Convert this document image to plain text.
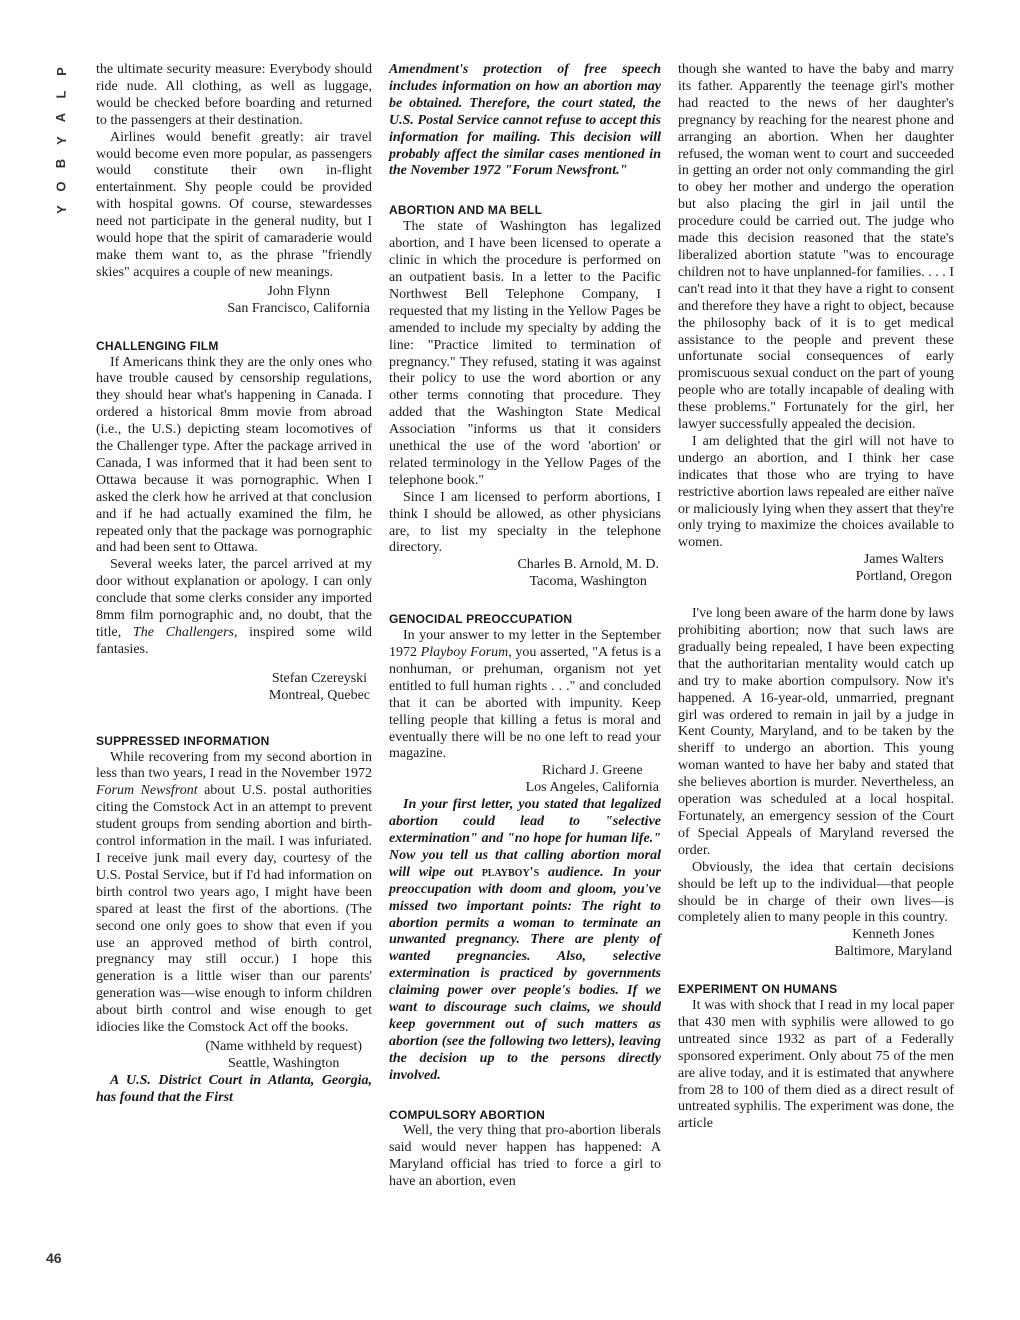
P
L
A
Y
B
O
Y
46

the ultimate security measure: Everybody should ride nude. All clothing, as well as luggage, would be checked before boarding and returned to the passengers at their destination.

Airlines would benefit greatly: air travel would become even more popular, as passengers would constitute their own in-flight entertainment. Shy people could be provided with hospital gowns. Of course, stewardesses need not participate in the general nudity, but I would hope that the spirit of camaraderie would make them want to, as the phrase "friendly skies" acquires a couple of new meanings.

John Flynn
San Francisco, California
CHALLENGING FILM

If Americans think they are the only ones who have trouble caused by censorship regulations, they should hear what's happening in Canada. I ordered a historical 8mm movie from abroad (i.e., the U.S.) depicting steam locomotives of the Challenger type. After the package arrived in Canada, I was informed that it had been sent to Ottawa because it was pornographic. When I asked the clerk how he arrived at that conclusion and if he had actually examined the film, he repeated only that the package was pornographic and had been sent to Ottawa.

Several weeks later, the parcel arrived at my door without explanation or apology. I can only conclude that some clerks consider any imported 8mm film pornographic and, no doubt, that the title, The Challengers, inspired some wild fantasies.

Stefan Czereyski
Montreal, Quebec
SUPPRESSED INFORMATION

While recovering from my second abortion in less than two years, I read in the November 1972 Forum Newsfront about U.S. postal authorities citing the Comstock Act in an attempt to prevent student groups from sending abortion and birth-control information in the mail. I was infuriated. I receive junk mail every day, courtesy of the U.S. Postal Service, but if I'd had information on birth control two years ago, I might have been spared at least the first of the abortions. (The second one only goes to show that even if you use an approved method of birth control, pregnancy may still occur.) I hope this generation is a little wiser than our parents' generation was—wise enough to inform children about birth control and wise enough to get idiocies like the Comstock Act off the books.

(Name withheld by request)
Seattle, Washington

A U.S. District Court in Atlanta, Georgia, has found that the First

Amendment's protection of free speech includes information on how an abortion may be obtained. Therefore, the court stated, the U.S. Postal Service cannot refuse to accept this information for mailing. This decision will probably affect the similar cases mentioned in the November 1972 "Forum Newsfront."

ABORTION AND MA BELL

The state of Washington has legalized abortion, and I have been licensed to operate a clinic in which the procedure is performed on an outpatient basis. In a letter to the Pacific Northwest Bell Telephone Company, I requested that my listing in the Yellow Pages be amended to include my specialty by adding the line: "Practice limited to termination of pregnancy." They refused, stating it was against their policy to use the word abortion or any other terms connoting that procedure. They added that the Washington State Medical Association "informs us that it considers unethical the use of the word 'abortion' or related terminology in the Yellow Pages of the telephone book."

Since I am licensed to perform abortions, I think I should be allowed, as other physicians are, to list my specialty in the telephone directory.

Charles B. Arnold, M. D.
Tacoma, Washington
GENOCIDAL PREOCCUPATION

In your answer to my letter in the September 1972 Playboy Forum, you asserted, "A fetus is a nonhuman, or prehuman, organism not yet entitled to full human rights . . ." and concluded that it can be aborted with impunity. Keep telling people that killing a fetus is moral and eventually there will be no one left to read your magazine.

Richard J. Greene
Los Angeles, California

In your first letter, you stated that legalized abortion could lead to "selective extermination" and "no hope for human life." Now you tell us that calling abortion moral will wipe out playboy's audience. In your preoccupation with doom and gloom, you've missed two important points: The right to abortion permits a woman to terminate an unwanted pregnancy. There are plenty of wanted pregnancies. Also, selective extermination is practiced by governments claiming power over people's bodies. If we want to discourage such claims, we should keep government out of such matters as abortion (see the following two letters), leaving the decision up to the persons directly involved.

COMPULSORY ABORTION

Well, the very thing that pro-abortion liberals said would never happen has happened: A Maryland official has tried to force a girl to have an abortion, even

though she wanted to have the baby and marry its father. Apparently the teenage girl's mother had reacted to the news of her daughter's pregnancy by reaching for the nearest phone and arranging an abortion. When her daughter refused, the woman went to court and succeeded in getting an order not only commanding the girl to obey her mother and undergo the operation but also placing the girl in jail until the procedure could be carried out. The judge who made this decision reasoned that the state's liberalized abortion statute "was to encourage children not to have unplanned-for families. . . . I can't read into it that they have a right to consent and therefore they have a right to object, because the philosophy back of it is to get medical assistance to the people and prevent these unfortunate social consequences of early promiscuous sexual conduct on the part of young people who are totally incapable of dealing with these problems." Fortunately for the girl, her lawyer successfully appealed the decision.

I am delighted that the girl will not have to undergo an abortion, and I think her case indicates that those who are trying to have restrictive abortion laws repealed are either naïve or maliciously lying when they assert that they're only trying to maximize the choices available to women.

James Walters
Portland, Oregon

I've long been aware of the harm done by laws prohibiting abortion; now that such laws are gradually being repealed, I have been expecting that the authoritarian mentality would catch up and try to make abortion compulsory. Now it's happened. A 16-year-old, unmarried, pregnant girl was ordered to remain in jail by a judge in Kent County, Maryland, and to be taken by the sheriff to undergo an abortion. This young woman wanted to have her baby and stated that she believes abortion is murder. Nevertheless, an operation was scheduled at a local hospital. Fortunately, an emergency session of the Court of Special Appeals of Maryland reversed the order.

Obviously, the idea that certain decisions should be left up to the individual—that people should be in charge of their own lives—is completely alien to many people in this country.

Kenneth Jones
Baltimore, Maryland
EXPERIMENT ON HUMANS

It was with shock that I read in my local paper that 430 men with syphilis were allowed to go untreated since 1932 as part of a Federally sponsored experiment. Only about 75 of the men are alive today, and it is estimated that anywhere from 28 to 100 of them died as a direct result of untreated syphilis. The experiment was done, the article
